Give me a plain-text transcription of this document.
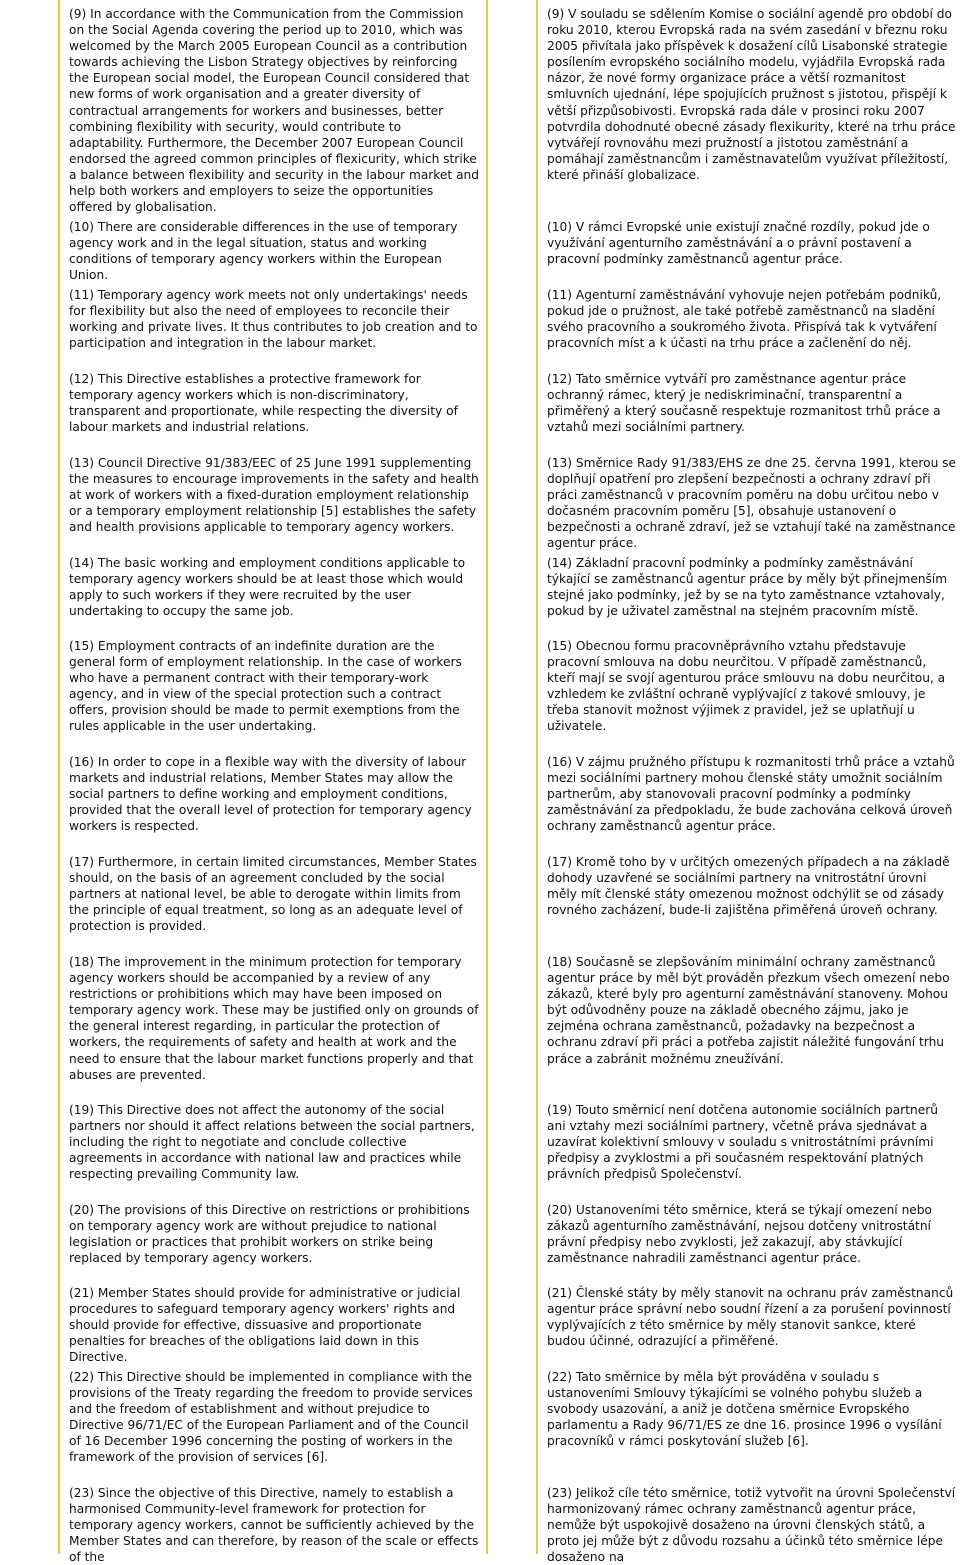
(9) In accordance with the Communication from the Commission on the Social Agenda covering the period up to 2010, which was welcomed by the March 2005 European Council as a contribution towards achieving the Lisbon Strategy objectives by reinforcing the European social model, the European Council considered that new forms of work organisation and a greater diversity of contractual arrangements for workers and businesses, better combining flexibility with security, would contribute to adaptability. Furthermore, the December 2007 European Council endorsed the agreed common principles of flexicurity, which strike a balance between flexibility and security in the labour market and help both workers and employers to seize the opportunities offered by globalisation.
(9) V souladu se sdělením Komise o sociální agendě pro období do roku 2010, kterou Evropská rada na svém zasedání v březnu roku 2005 přivítala jako příspěvek k dosažení cílů Lisabonské strategie posílením evropského sociálního modelu, vyjádřila Evropská rada názor, že nové formy organizace práce a větší rozmanitost smluvních ujednání, lépe spojujících pružnost s jistotou, přispějí k větší přizpůsobivosti. Evropská rada dále v prosinci roku 2007 potvrdila dohodnuté obecné zásady flexikurity, které na trhu práce vytvářejí rovnováhu mezi pružností a jistotou zaměstnání a pomáhají zaměstnancům i zaměstnavatelům využívat příležitostí, které přináší globalizace.
(10) There are considerable differences in the use of temporary agency work and in the legal situation, status and working conditions of temporary agency workers within the European Union.
(10) V rámci Evropské unie existují značné rozdíly, pokud jde o využívání agenturního zaměstnávání a o právní postavení a pracovní podmínky zaměstnanců agentur práce.
(11) Temporary agency work meets not only undertakings' needs for flexibility but also the need of employees to reconcile their working and private lives. It thus contributes to job creation and to participation and integration in the labour market.
(11) Agenturní zaměstnávání vyhovuje nejen potřebám podniků, pokud jde o pružnost, ale také potřebě zaměstnanců na sladění svého pracovního a soukromého života. Přispívá tak k vytváření pracovních míst a k účasti na trhu práce a začlenění do něj.
(12) This Directive establishes a protective framework for temporary agency workers which is non-discriminatory, transparent and proportionate, while respecting the diversity of labour markets and industrial relations.
(12) Tato směrnice vytváří pro zaměstnance agentur práce ochranný rámec, který je nediskriminační, transparentní a přiměřený a který současně respektuje rozmanitost trhů práce a vztahů mezi sociálními partnery.
(13) Council Directive 91/383/EEC of 25 June 1991 supplementing the measures to encourage improvements in the safety and health at work of workers with a fixed-duration employment relationship or a temporary employment relationship [5] establishes the safety and health provisions applicable to temporary agency workers.
(13) Směrnice Rady 91/383/EHS ze dne 25. června 1991, kterou se doplňují opatření pro zlepšení bezpečnosti a ochrany zdraví při práci zaměstnanců v pracovním poměru na dobu určitou nebo v dočasném pracovním poměru [5], obsahuje ustanovení o bezpečnosti a ochraně zdraví, jež se vztahují také na zaměstnance agentur práce.
(14) The basic working and employment conditions applicable to temporary agency workers should be at least those which would apply to such workers if they were recruited by the user undertaking to occupy the same job.
(14) Základní pracovní podmínky a podmínky zaměstnávání týkající se zaměstnanců agentur práce by měly být přinejmenším stejné jako podmínky, jež by se na tyto zaměstnance vztahovaly, pokud by je uživatel zaměstnal na stejném pracovním místě.
(15) Employment contracts of an indefinite duration are the general form of employment relationship. In the case of workers who have a permanent contract with their temporary-work agency, and in view of the special protection such a contract offers, provision should be made to permit exemptions from the rules applicable in the user undertaking.
(15) Obecnou formu pracovněprávního vztahu představuje pracovní smlouva na dobu neurčitou. V případě zaměstnanců, kteří mají se svojí agenturou práce smlouvu na dobu neurčitou, a vzhledem ke zvláštní ochraně vyplývající z takové smlouvy, je třeba stanovit možnost výjimek z pravidel, jež se uplatňují u uživatele.
(16) In order to cope in a flexible way with the diversity of labour markets and industrial relations, Member States may allow the social partners to define working and employment conditions, provided that the overall level of protection for temporary agency workers is respected.
(16) V zájmu pružného přístupu k rozmanitosti trhů práce a vztahů mezi sociálními partnery mohou členské státy umožnit sociálním partnerům, aby stanovovali pracovní podmínky a podmínky zaměstnávání za předpokladu, že bude zachována celková úroveň ochrany zaměstnanců agentur práce.
(17) Furthermore, in certain limited circumstances, Member States should, on the basis of an agreement concluded by the social partners at national level, be able to derogate within limits from the principle of equal treatment, so long as an adequate level of protection is provided.
(17) Kromě toho by v určitých omezených případech a na základě dohody uzavřené se sociálními partnery na vnitrostátní úrovni měly mít členské státy omezenou možnost odchýlit se od zásady rovného zacházení, bude-li zajištěna přiměřená úroveň ochrany.
(18) The improvement in the minimum protection for temporary agency workers should be accompanied by a review of any restrictions or prohibitions which may have been imposed on temporary agency work. These may be justified only on grounds of the general interest regarding, in particular the protection of workers, the requirements of safety and health at work and the need to ensure that the labour market functions properly and that abuses are prevented.
(18) Současně se zlepšováním minimální ochrany zaměstnanců agentur práce by měl být prováděn přezkum všech omezení nebo zákazů, které byly pro agenturní zaměstnávání stanoveny. Mohou být odůvodněny pouze na základě obecného zájmu, jako je zejména ochrana zaměstnanců, požadavky na bezpečnost a ochranu zdraví při práci a potřeba zajistit náležité fungování trhu práce a zabránit možnému zneužívání.
(19) This Directive does not affect the autonomy of the social partners nor should it affect relations between the social partners, including the right to negotiate and conclude collective agreements in accordance with national law and practices while respecting prevailing Community law.
(19) Touto směrnicí není dotčena autonomie sociálních partnerů ani vztahy mezi sociálními partnery, včetně práva sjednávat a uzavírat kolektivní smlouvy v souladu s vnitrostátními právními předpisy a zvyklostmi a při současném respektování platných právních předpisů Společenství.
(20) The provisions of this Directive on restrictions or prohibitions on temporary agency work are without prejudice to national legislation or practices that prohibit workers on strike being replaced by temporary agency workers.
(20) Ustanoveními této směrnice, která se týkají omezení nebo zákazů agenturního zaměstnávání, nejsou dotčeny vnitrostátní právní předpisy nebo zvyklosti, jež zakazují, aby stávkující zaměstnance nahradili zaměstnanci agentur práce.
(21) Member States should provide for administrative or judicial procedures to safeguard temporary agency workers' rights and should provide for effective, dissuasive and proportionate penalties for breaches of the obligations laid down in this Directive.
(21) Členské státy by měly stanovit na ochranu práv zaměstnanců agentur práce správní nebo soudní řízení a za porušení povinností vyplývajících z této směrnice by měly stanovit sankce, které budou účinné, odrazující a přiměřené.
(22) This Directive should be implemented in compliance with the provisions of the Treaty regarding the freedom to provide services and the freedom of establishment and without prejudice to Directive 96/71/EC of the European Parliament and of the Council of 16 December 1996 concerning the posting of workers in the framework of the provision of services [6].
(22) Tato směrnice by měla být prováděna v souladu s ustanoveními Smlouvy týkajícími se volného pohybu služeb a svobody usazování, a aniž je dotčena směrnice Evropského parlamentu a Rady 96/71/ES ze dne 16. prosince 1996 o vysílání pracovníků v rámci poskytování služeb [6].
(23) Since the objective of this Directive, namely to establish a harmonised Community-level framework for protection for temporary agency workers, cannot be sufficiently achieved by the Member States and can therefore, by reason of the scale or effects of the
(23) Jelikož cíle této směrnice, totiž vytvořit na úrovni Společenství harmonizovaný rámec ochrany zaměstnanců agentur práce, nemůže být uspokojivě dosaženo na úrovni členských států, a proto jej může být z důvodu rozsahu a účinků této směrnice lépe dosaženo na
